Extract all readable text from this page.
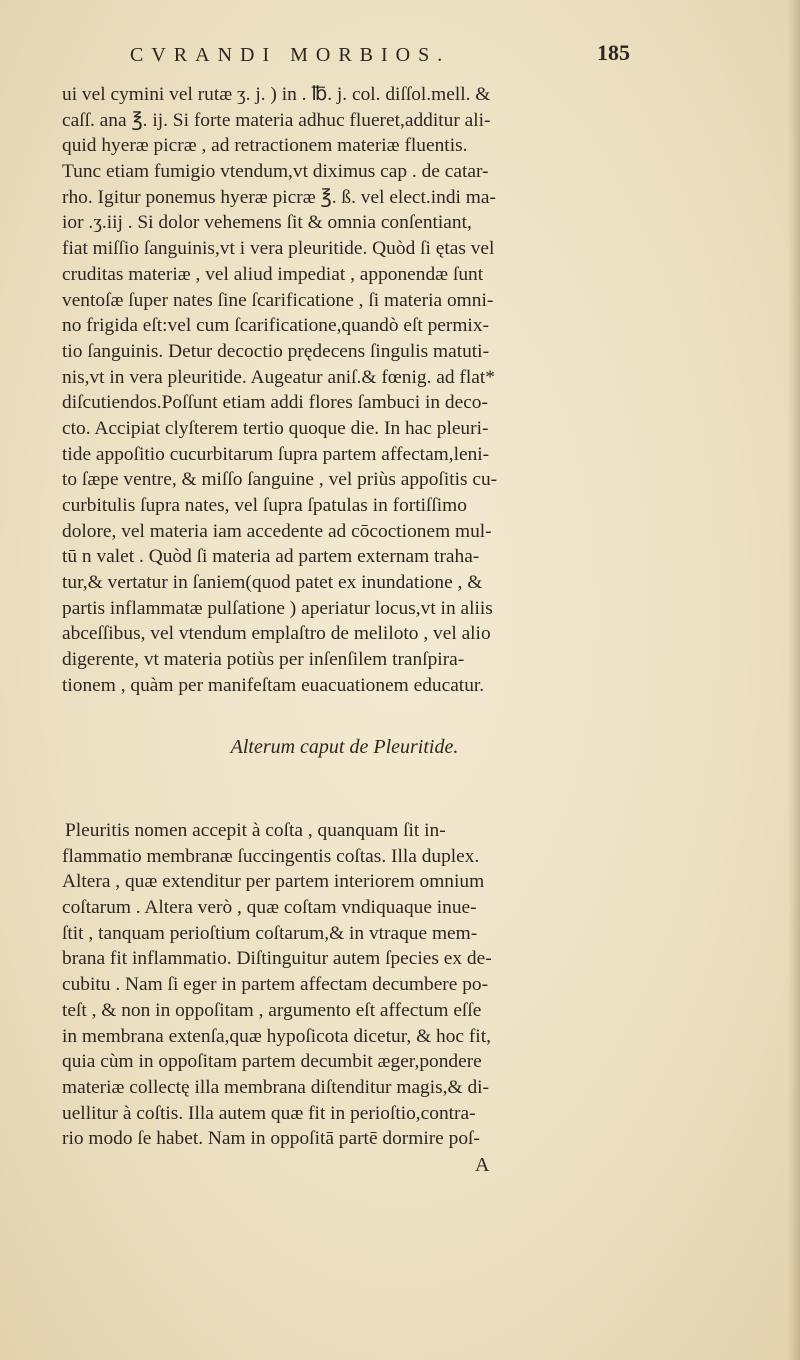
CVRANDI MORBIOS.	185
ui vel cymini vel rutæ ʒ. j. ) in . ℔. j. col. diſſol.mell. &
caſſ. ana ℥. ij. Si forte materia adhuc flueret,additur ali-
quid hyeræ picræ , ad retractionem materiæ fluentis.
Tunc etiam fumigio vtendum,vt diximus cap . de catar-
rho. Igitur ponemus hyeræ picræ ℥. ß. vel elect.indi ma-
ior .ʒ.iij . Si dolor vehemens ſit & omnia conſentiant,
fiat miſſio ſanguinis,vt i vera pleuritide. Quòd ſi ętas vel
cruditas materiæ , vel aliud impediat , apponendæ ſunt
ventoſæ ſuper nates ſine ſcarificatione , ſi materia omni-
no frigida eſt:vel cum ſcarificatione,quandò eſt permix-
tio ſanguinis. Detur decoctio prędecens ſingulis matuti-
nis,vt in vera pleuritide. Augeatur aniſ.& fœnig. ad flat*
diſcutiendos.Poſſunt etiam addi flores ſambuci in deco-
cto. Accipiat clyſterem tertio quoque die. In hac pleuri-
tide appoſitio cucurbitarum ſupra partem affectam,leni-
to ſæpe ventre, & miſſo ſanguine , vel priùs appoſitis cu-
curbitulis ſupra nates, vel ſupra ſpatulas in fortiſſimo
dolore, vel materia iam accedente ad cōcoctionem mul-
tū n valet . Quòd ſi materia ad partem externam traha-
tur,& vertatur in ſaniem(quod patet ex inundatione , &
partis inflammatæ pulſatione ) aperiatur locus,vt in aliis
abceſſibus, vel vtendum emplaſtro de meliloto , vel alio
digerente, vt materia potiùs per inſenſilem tranſpira-
tionem , quàm per manifeſtam euacuationem educatur.
Alterum caput de Pleuritide.
Pleuritis nomen accepit à coſta , quanquam ſit in-
flammatio membranæ ſuccingentis coſtas. Illa duplex.
Altera , quæ extenditur per partem interiorem omnium
coſtarum . Altera verò , quæ coſtam vndiquaque inue-
ſtit , tanquam perioſtium coſtarum,& in vtraque mem-
brana fit inflammatio. Diſtinguitur autem ſpecies ex de-
cubitu . Nam ſi eger in partem affectam decumbere po-
teſt , & non in oppoſitam , argumento eſt affectum eſſe
in membrana extenſa,quæ hypoſicota dicetur, & hoc fit,
quia cùm in oppoſitam partem decumbit æger,pondere
materiæ collectę illa membrana diſtenditur magis,& di-
uellitur à coſtis. Illa autem quæ fit in perioſtio,contra-
rio modo ſe habet. Nam in oppoſitā partē dormire poſ-
A
